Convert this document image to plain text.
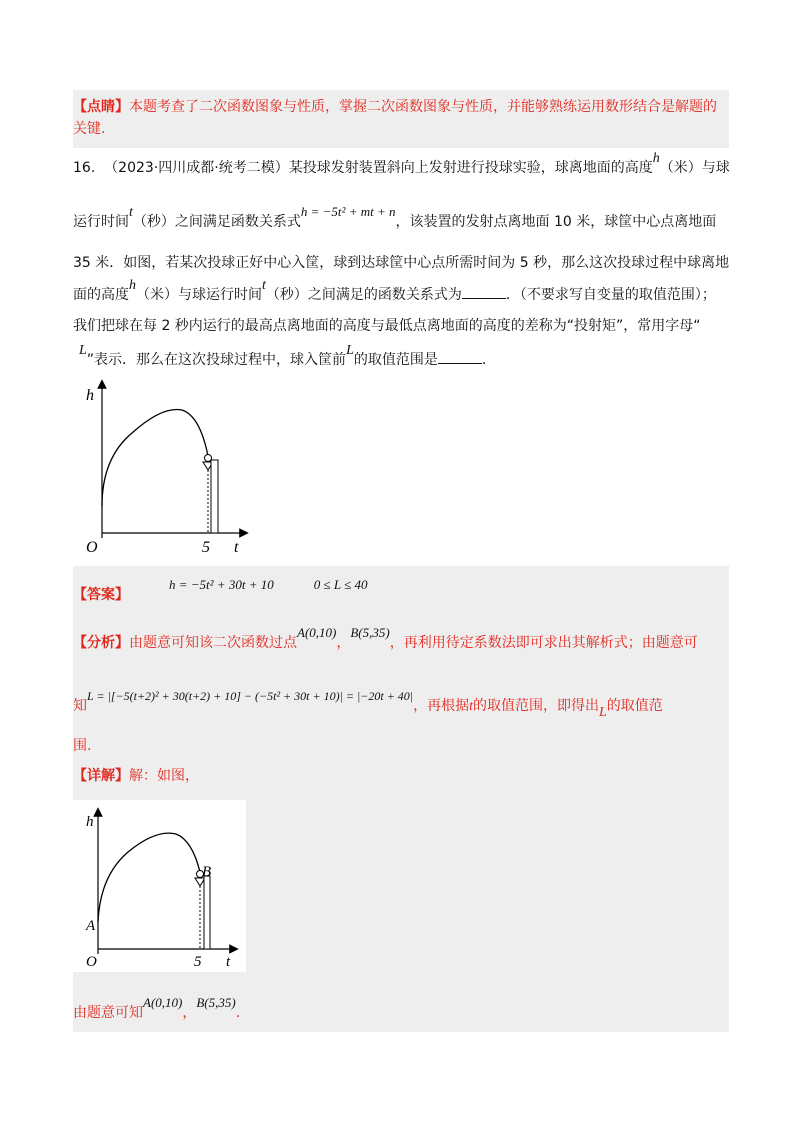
【点睛】本题考查了二次函数图象与性质，掌握二次函数图象与性质，并能够熟练运用数形结合是解题的
关键.
16. （2023·四川成都·统考二模）某投球发射装置斜向上发射进行投球实验，球离地面的高度h（米）与球
运行时间t（秒）之间满足函数关系式h = −5t² + mt + n，该装置的发射点离地面 10 米，球筐中心点离地面
35 米．如图，若某次投球正好中心入筐，球到达球筐中心点所需时间为 5 秒，那么这次投球过程中球离地
面的高度h（米）与球运行时间t（秒）之间满足的函数关系式为	．（不要求写自变量的取值范围）；
我们把球在每 2 秒内运行的最高点离地面的高度与最低点离地面的高度的差称为“投射矩”，常用字母“
L”表示．那么在这次投球过程中，球入筐前L的取值范围是	.
h
O	5 t
【答案】h = −5t² + 30t + 10	0 ≤ L ≤ 40
【分析】由题意可知该二次函数过点A(0,10)，B(5,35)，再利用待定系数法即可求出其解析式；由题意可
知L = |[−5(t+2)² + 30(t+2) + 10] − (−5t² + 30t + 10)| = |−20t + 40|，再根据t的取值范围，即得出L的取值范
围.
【详解】解：如图，
h
A
B
O	5 t
由题意可知A(0,10)，B(5,35).
